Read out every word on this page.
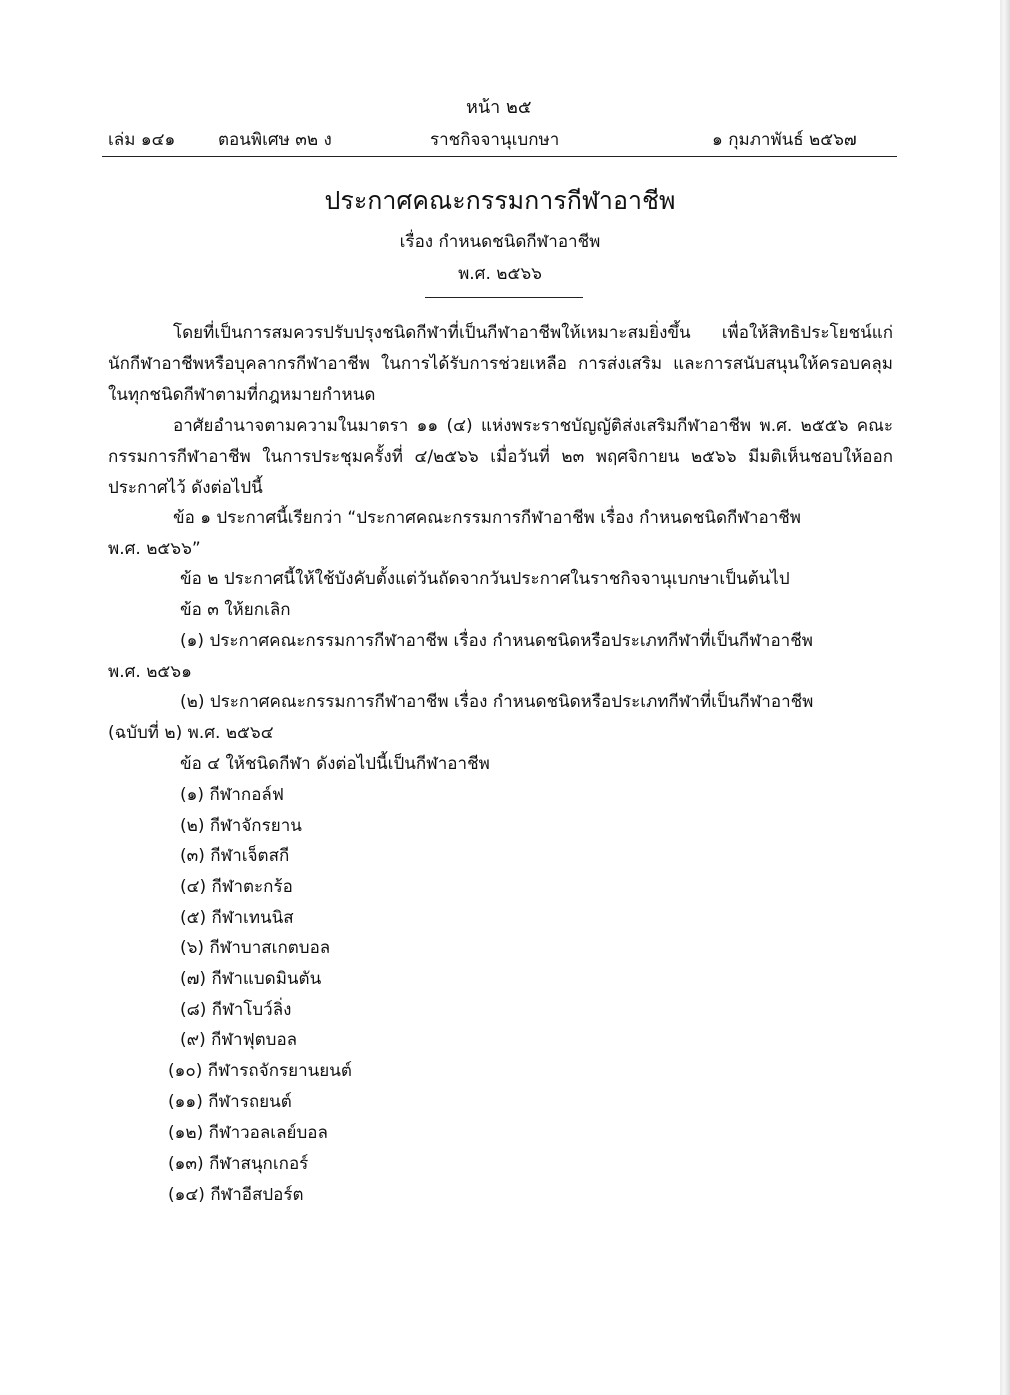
หน้า ๒๕
เล่ม ๑๔๑	ตอนพิเศษ ๓๒ ง	ราชกิจจานุเบกษา	๑ กุมภาพันธ์ ๒๕๖๗
ประกาศคณะกรรมการกีฬาอาชีพ
เรื่อง กำหนดชนิดกีฬาอาชีพ
พ.ศ. ๒๕๖๖
โดยที่เป็นการสมควรปรับปรุงชนิดกีฬาที่เป็นกีฬาอาชีพให้เหมาะสมยิ่งขึ้น เพื่อให้สิทธิประโยชน์แก่นักกีฬาอาชีพหรือบุคลากรกีฬาอาชีพ ในการได้รับการช่วยเหลือ การส่งเสริม และการสนับสนุนให้ครอบคลุมในทุกชนิดกีฬาตามที่กฎหมายกำหนด
อาศัยอำนาจตามความในมาตรา ๑๑ (๔) แห่งพระราชบัญญัติส่งเสริมกีฬาอาชีพ พ.ศ. ๒๕๕๖ คณะกรรมการกีฬาอาชีพ ในการประชุมครั้งที่ ๔/๒๕๖๖ เมื่อวันที่ ๒๓ พฤศจิกายน ๒๕๖๖ มีมติเห็นชอบให้ออกประกาศไว้ ดังต่อไปนี้
ข้อ ๑ ประกาศนี้เรียกว่า “ประกาศคณะกรรมการกีฬาอาชีพ เรื่อง กำหนดชนิดกีฬาอาชีพ
พ.ศ. ๒๕๖๖”
ข้อ ๒ ประกาศนี้ให้ใช้บังคับตั้งแต่วันถัดจากวันประกาศในราชกิจจานุเบกษาเป็นต้นไป
ข้อ ๓ ให้ยกเลิก
(๑) ประกาศคณะกรรมการกีฬาอาชีพ เรื่อง กำหนดชนิดหรือประเภทกีฬาที่เป็นกีฬาอาชีพ
พ.ศ. ๒๕๖๑
(๒) ประกาศคณะกรรมการกีฬาอาชีพ เรื่อง กำหนดชนิดหรือประเภทกีฬาที่เป็นกีฬาอาชีพ
(ฉบับที่ ๒) พ.ศ. ๒๕๖๔
ข้อ ๔ ให้ชนิดกีฬา ดังต่อไปนี้เป็นกีฬาอาชีพ
(๑) กีฬากอล์ฟ
(๒) กีฬาจักรยาน
(๓) กีฬาเจ็ตสกี
(๔) กีฬาตะกร้อ
(๕) กีฬาเทนนิส
(๖) กีฬาบาสเกตบอล
(๗) กีฬาแบดมินตัน
(๘) กีฬาโบว์ลิ่ง
(๙) กีฬาฟุตบอล
(๑๐) กีฬารถจักรยานยนต์
(๑๑) กีฬารถยนต์
(๑๒) กีฬาวอลเลย์บอล
(๑๓) กีฬาสนุกเกอร์
(๑๔) กีฬาอีสปอร์ต
